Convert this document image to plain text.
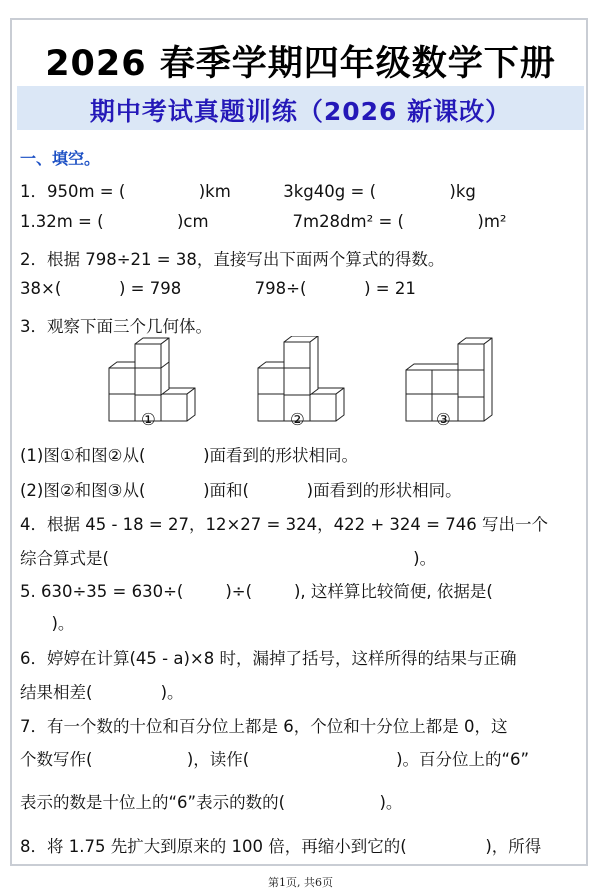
2026 春季学期四年级数学下册
期中考试真题训练（2026 新课改）
一、填空。
1．950m = (              )km          3kg40g = (              )kg
1.32m = (              )cm                7m28dm² = (              )m²
2．根据 798÷21 = 38，直接写出下面两个算式的得数。
38×(           ) = 798              798÷(           ) = 21
3．观察下面三个几何体。
①	②	③
(1)图①和图②从(           )面看到的形状相同。
(2)图②和图③从(           )面和(           )面看到的形状相同。
4．根据 45 - 18 = 27，12×27 = 324，422 + 324 = 746 写出一个
综合算式是(                                                          )。
5. 630÷35 = 630÷(        )÷(        ), 这样算比较简便, 依据是(
)。
6．婷婷在计算(45 - a)×8 时，漏掉了括号，这样所得的结果与正确
结果相差(             )。
7．有一个数的十位和百分位上都是 6，个位和十分位上都是 0，这
个数写作(                  )，读作(                            )。百分位上的“6”
表示的数是十位上的“6”表示的数的(                  )。
8．将 1.75 先扩大到原来的 100 倍，再缩小到它的(               )，所得
第1页, 共6页
